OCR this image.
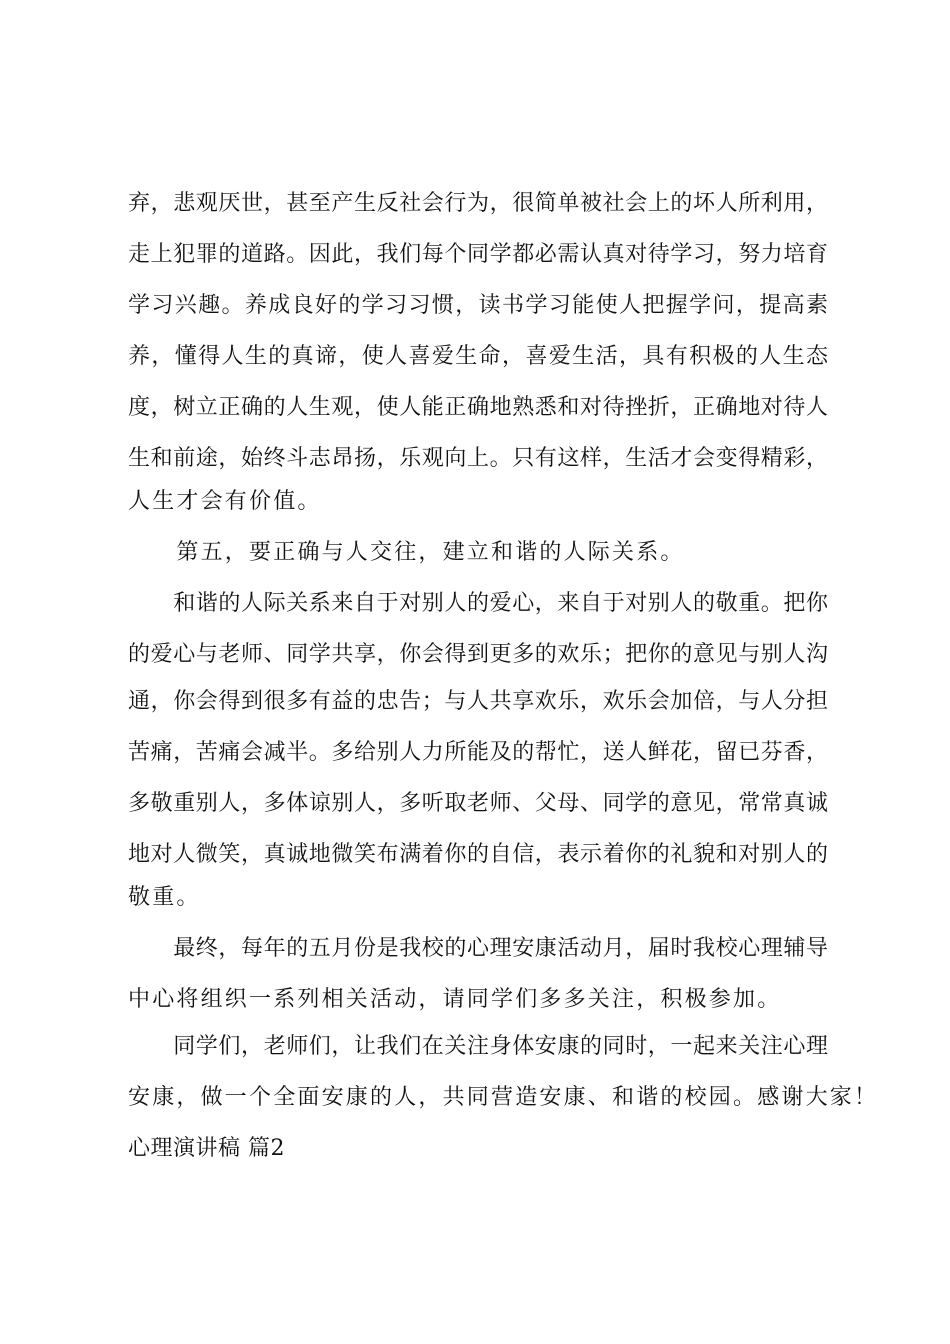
弃，悲观厌世，甚至产生反社会行为，很简单被社会上的坏人所利用，
走上犯罪的道路。因此，我们每个同学都必需认真对待学习，努力培育
学习兴趣。养成良好的学习习惯，读书学习能使人把握学问，提高素
养，懂得人生的真谛，使人喜爱生命，喜爱生活，具有积极的人生态
度，树立正确的人生观，使人能正确地熟悉和对待挫折，正确地对待人
生和前途，始终斗志昂扬，乐观向上。只有这样，生活才会变得精彩，
人生才会有价值。
　　第五，要正确与人交往，建立和谐的人际关系。
　　和谐的人际关系来自于对别人的爱心，来自于对别人的敬重。把你
的爱心与老师、同学共享，你会得到更多的欢乐；把你的意见与别人沟
通，你会得到很多有益的忠告；与人共享欢乐，欢乐会加倍，与人分担
苦痛，苦痛会减半。多给别人力所能及的帮忙，送人鲜花，留已芬香，
多敬重别人，多体谅别人，多听取老师、父母、同学的意见，常常真诚
地对人微笑，真诚地微笑布满着你的自信，表示着你的礼貌和对别人的
敬重。
　　最终，每年的五月份是我校的心理安康活动月，届时我校心理辅导
中心将组织一系列相关活动，请同学们多多关注，积极参加。
　　同学们，老师们，让我们在关注身体安康的同时，一起来关注心理
安康，做一个全面安康的人，共同营造安康、和谐的校园。感谢大家！
心理演讲稿 篇2
